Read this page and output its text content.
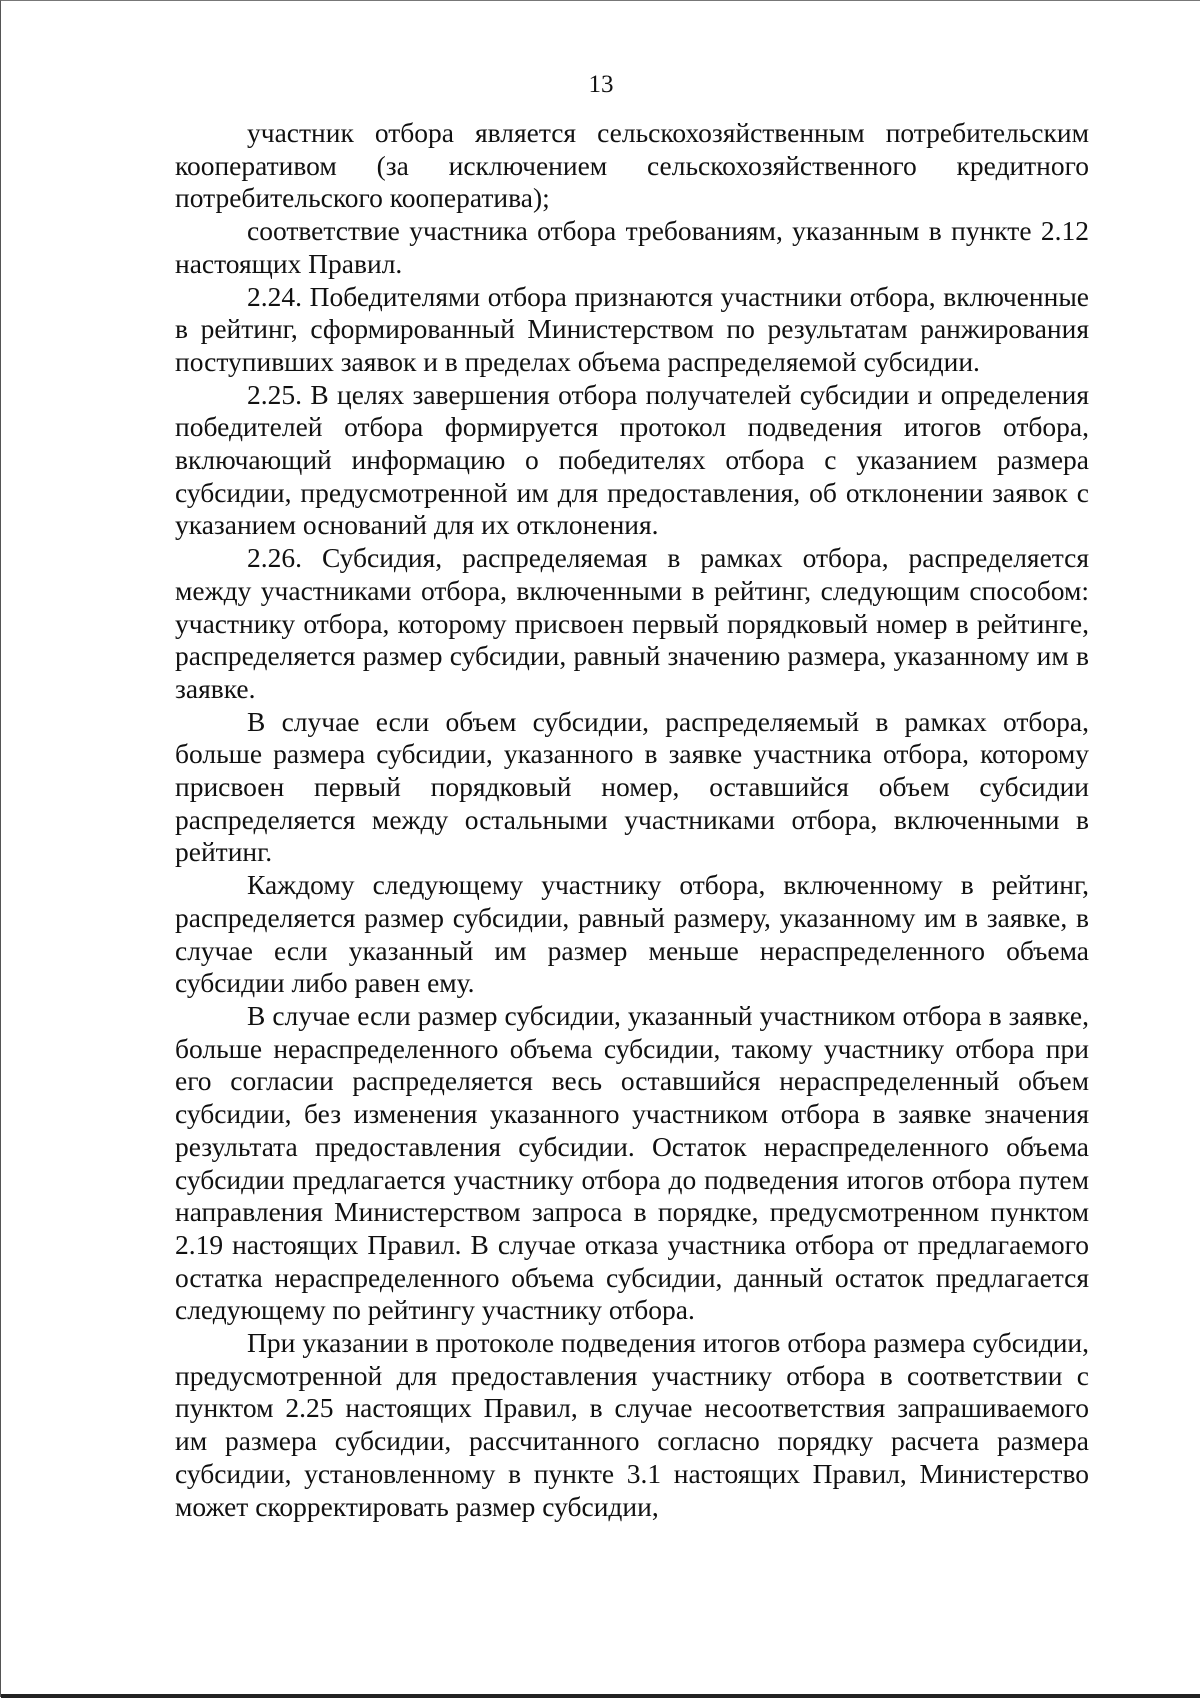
13

участник отбора является сельскохозяйственным потребительским кооперативом (за исключением сельскохозяйственного кредитного потребительского кооператива);

соответствие участника отбора требованиям, указанным в пункте 2.12 настоящих Правил.

2.24. Победителями отбора признаются участники отбора, включенные в рейтинг, сформированный Министерством по результатам ранжирования поступивших заявок и в пределах объема распределяемой субсидии.

2.25. В целях завершения отбора получателей субсидии и определения победителей отбора формируется протокол подведения итогов отбора, включающий информацию о победителях отбора с указанием размера субсидии, предусмотренной им для предоставления, об отклонении заявок с указанием оснований для их отклонения.

2.26. Субсидия, распределяемая в рамках отбора, распределяется между участниками отбора, включенными в рейтинг, следующим способом: участнику отбора, которому присвоен первый порядковый номер в рейтинге, распределяется размер субсидии, равный значению размера, указанному им в заявке.

В случае если объем субсидии, распределяемый в рамках отбора, больше размера субсидии, указанного в заявке участника отбора, которому присвоен первый порядковый номер, оставшийся объем субсидии распределяется между остальными участниками отбора, включенными в рейтинг.

Каждому следующему участнику отбора, включенному в рейтинг, распределяется размер субсидии, равный размеру, указанному им в заявке, в случае если указанный им размер меньше нераспределенного объема субсидии либо равен ему.

В случае если размер субсидии, указанный участником отбора в заявке, больше нераспределенного объема субсидии, такому участнику отбора при его согласии распределяется весь оставшийся нераспределенный объем субсидии, без изменения указанного участником отбора в заявке значения результата предоставления субсидии. Остаток нераспределенного объема субсидии предлагается участнику отбора до подведения итогов отбора путем направления Министерством запроса в порядке, предусмотренном пунктом 2.19 настоящих Правил. В случае отказа участника отбора от предлагаемого остатка нераспределенного объема субсидии, данный остаток предлагается следующему по рейтингу участнику отбора.

При указании в протоколе подведения итогов отбора размера субсидии, предусмотренной для предоставления участнику отбора в соответствии с пунктом 2.25 настоящих Правил, в случае несоответствия запрашиваемого им размера субсидии, рассчитанного согласно порядку расчета размера субсидии, установленному в пункте 3.1 настоящих Правил, Министерство может скорректировать размер субсидии,
